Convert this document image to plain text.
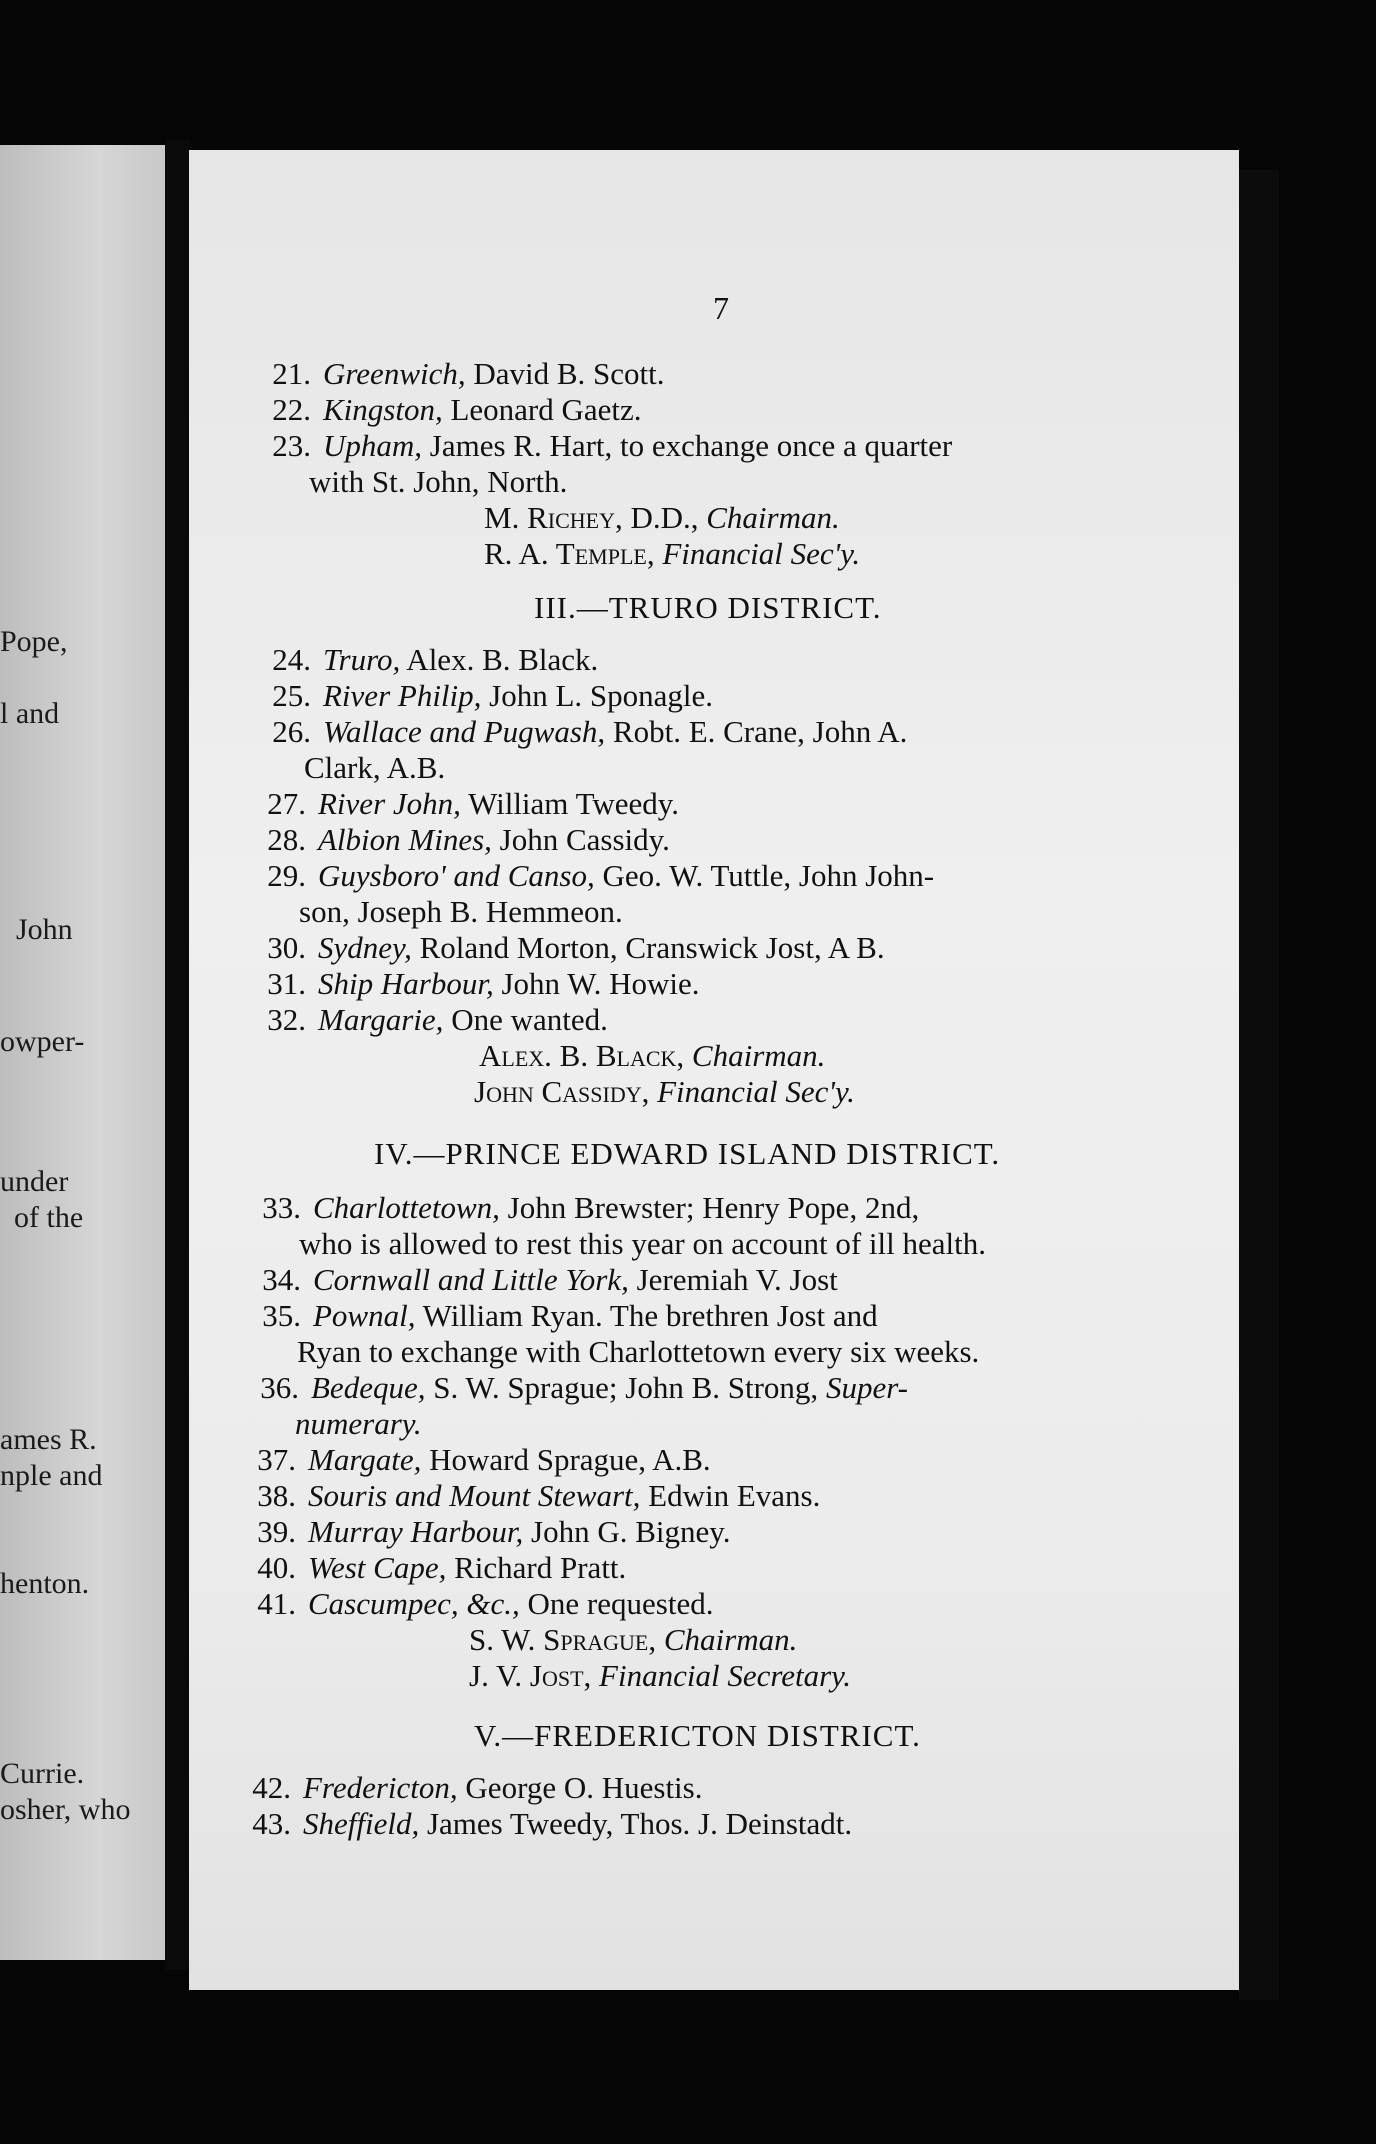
Pope,
l and
John
owper-
under
of the
ames R.
nple and
henton.
Currie.
osher, who
7
21. Greenwich, David B. Scott.
22. Kingston, Leonard Gaetz.
23. Upham, James R. Hart, to exchange once a quarter
with St. John, North.
M. Richey, D.D., Chairman.
R. A. Temple, Financial Sec'y.
III.—TRURO DISTRICT.
24. Truro, Alex. B. Black.
25. River Philip, John L. Sponagle.
26. Wallace and Pugwash, Robt. E. Crane, John A.
Clark, A.B.
27. River John, William Tweedy.
28. Albion Mines, John Cassidy.
29. Guysboro' and Canso, Geo. W. Tuttle, John John-
son, Joseph B. Hemmeon.
30. Sydney, Roland Morton, Cranswick Jost, A B.
31. Ship Harbour, John W. Howie.
32. Margarie, One wanted.
Alex. B. Black, Chairman.
John Cassidy, Financial Sec'y.
IV.—PRINCE EDWARD ISLAND DISTRICT.
33. Charlottetown, John Brewster; Henry Pope, 2nd,
who is allowed to rest this year on account of ill health.
34. Cornwall and Little York, Jeremiah V. Jost
35. Pownal, William Ryan. The brethren Jost and
Ryan to exchange with Charlottetown every six weeks.
36. Bedeque, S. W. Sprague; John B. Strong, Super-
numerary.
37. Margate, Howard Sprague, A.B.
38. Souris and Mount Stewart, Edwin Evans.
39. Murray Harbour, John G. Bigney.
40. West Cape, Richard Pratt.
41. Cascumpec, &c., One requested.
S. W. Sprague, Chairman.
J. V. Jost, Financial Secretary.
V.—FREDERICTON DISTRICT.
42. Fredericton, George O. Huestis.
43. Sheffield, James Tweedy, Thos. J. Deinstadt.
